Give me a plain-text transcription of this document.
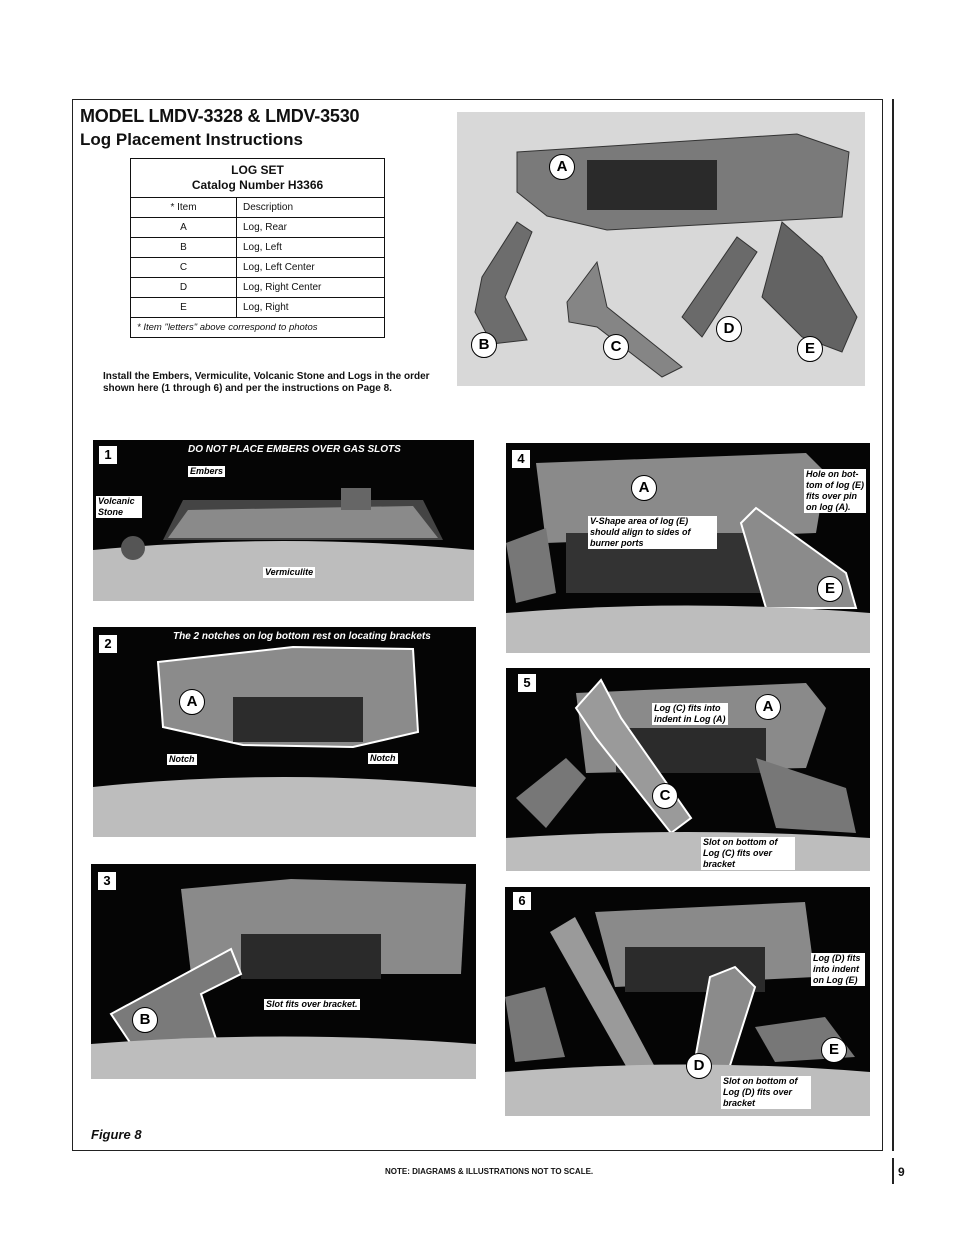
MODEL LMDV-3328 & LMDV-3530
Log Placement Instructions
LOG SET
Catalog Number H3366	

* Item	Description
A	Log, Rear
B	Log, Left
C	Log, Left Center
D	Log, Right Center
E	Log, Right
* Item "letters" above correspond to photos	
Install the Embers, Vermiculite, Volcanic Stone and Logs in the order shown here (1 through 6) and per the instructions on Page 8.
A
B	C
D
E
1	DO NOT PLACE EMBERS OVER GAS SLOTS
Embers
Volcanic Stone
Vermiculite
2	The 2 notches on log bottom rest on locating brackets
A
Notch	Notch
3
B
Slot fits over bracket.
4
A
E
Hole on bot- tom of log (E) fits over pin on log (A).
V-Shape area of log (E) should align to sides of burner ports
5
A
C
Log (C) fits into indent in Log (A)
Slot on bottom of Log (C) fits over bracket
6
D
E
Log (D) fits into indent on Log (E)
Slot on bottom of Log (D) fits over bracket
Figure 8
NOTE: DIAGRAMS & ILLUSTRATIONS NOT TO SCALE.	9
